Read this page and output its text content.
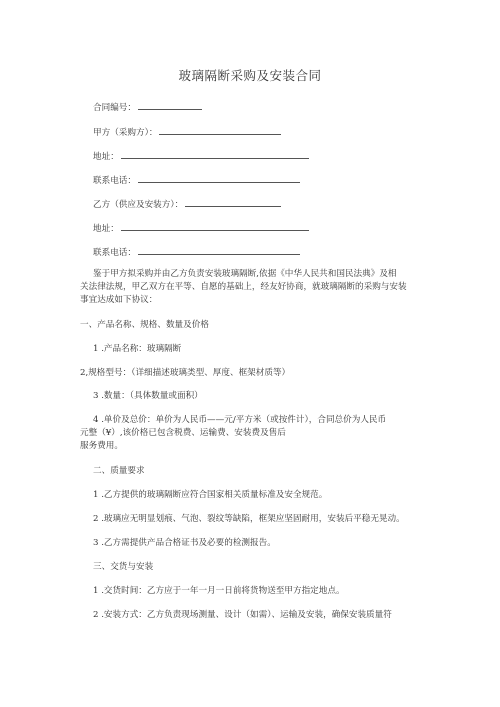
玻璃隔断采购及安装合同
合同编号：
甲方（采购方）：
地址：
联系电话：
乙方（供应及安装方）：
地址：
联系电话：
鉴于甲方拟采购并由乙方负责安装玻璃隔断,依据《中华人民共和国民法典》及相
关法律法规，甲乙双方在平等、自愿的基础上，经友好协商，就玻璃隔断的采购与安装
事宜达成如下协议：
一、产品名称、规格、数量及价格
1 .产品名称：玻璃隔断
2,规格型号：（详细描述玻璃类型、厚度、框架材质等）
3 .数量：（具体数量或面积）
4 .单价及总价：单价为人民币——元/平方米（或按件计），合同总价为人民币
元整（¥）,该价格已包含税费、运输费、安装费及售后
服务费用。
二、质量要求
1 .乙方提供的玻璃隔断应符合国家相关质量标准及安全规范。
2 .玻璃应无明显划痕、气泡、裂纹等缺陷，框架应坚固耐用，安装后平稳无晃动。
3 .乙方需提供产品合格证书及必要的检测报告。
三、交货与安装
1 .交货时间：乙方应于一年一月一日前将货物送至甲方指定地点。
2 .安装方式：乙方负责现场测量、设计（如需）、运输及安装，确保安装质量符
